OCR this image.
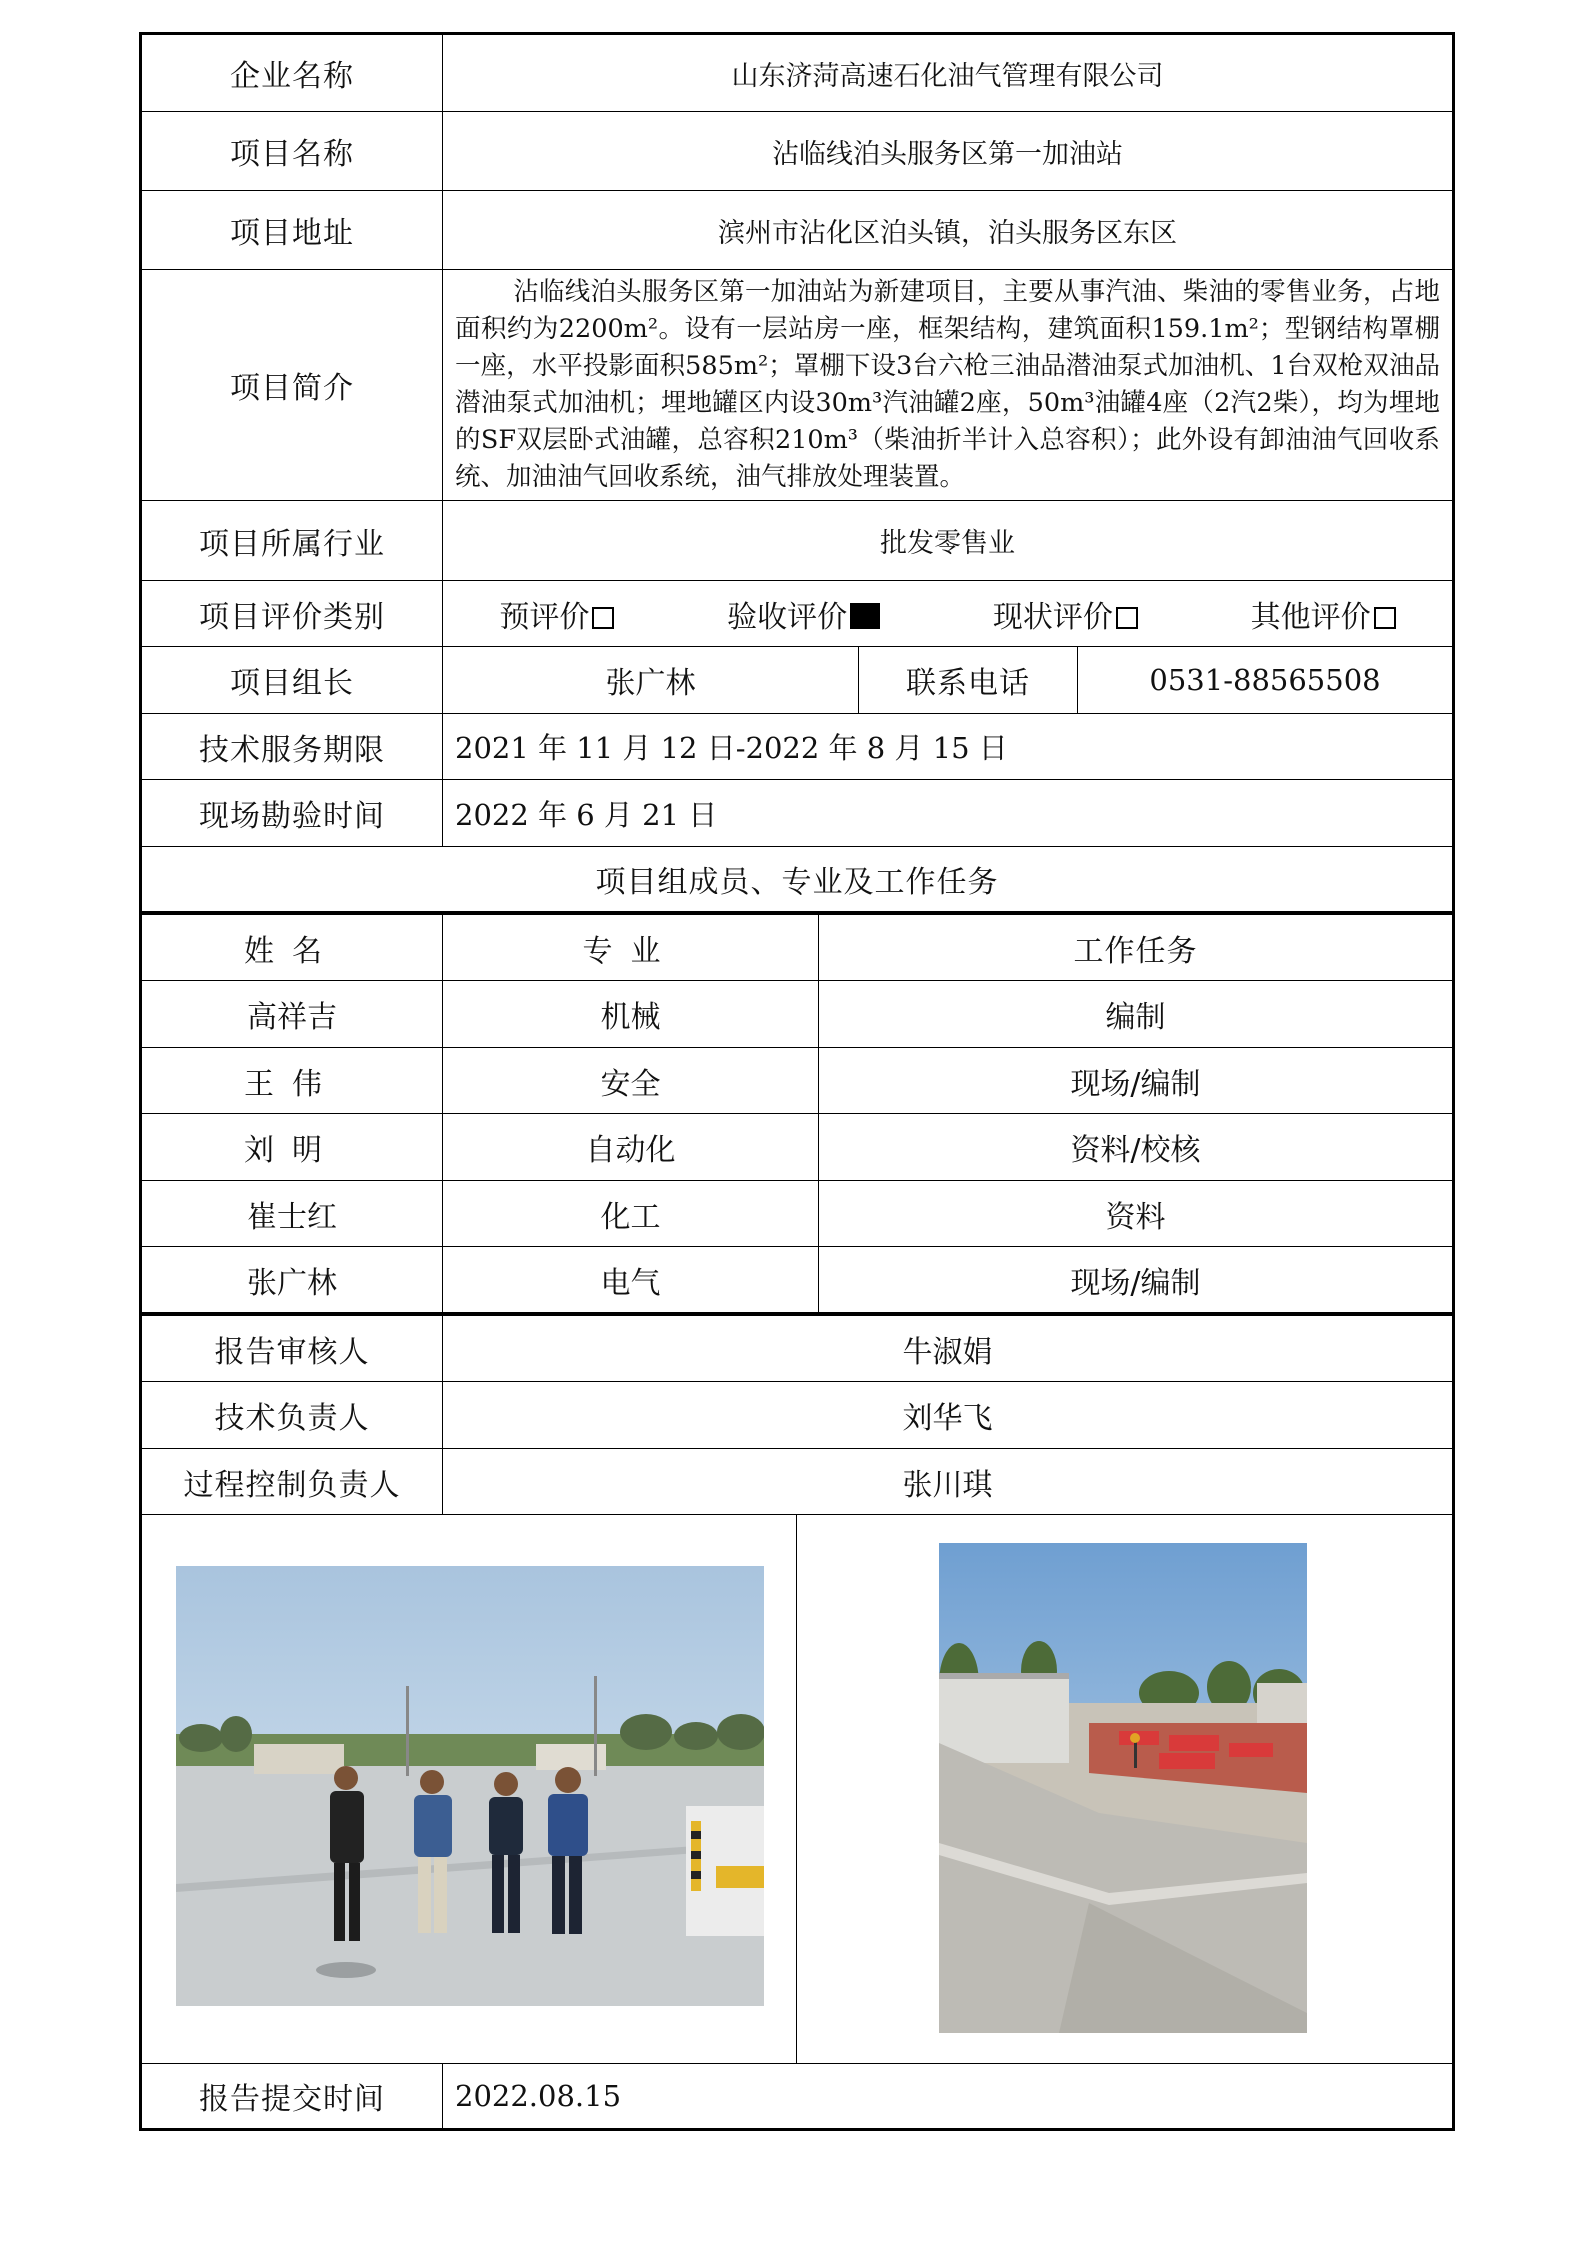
企业名称	山东济菏高速石化油气管理有限公司		
项目名称	沾临线泊头服务区第一加油站		
项目地址	滨州市沾化区泊头镇，泊头服务区东区		
项目简介	沾临线泊头服务区第一加油站为新建项目，主要从事汽油、柴油的零售业务，占地面积约为2200m²。设有一层站房一座，框架结构，建筑面积159.1m²；型钢结构罩棚一座，水平投影面积585m²；罩棚下设3台六枪三油品潜油泵式加油机、1台双枪双油品潜油泵式加油机；埋地罐区内设30m³汽油罐2座，50m³油罐4座（2汽2柴），均为埋地的SF双层卧式油罐，总容积210m³（柴油折半计入总容积）；此外设有卸油油气回收系统、加油油气回收系统，油气排放处理装置。		
项目所属行业	批发零售业		
项目评价类别	预评价 验收评价 现状评价 其他评价		

项目组长	张广林	联系电话	0531-88565508
技术服务期限	2021 年 11 月 12 日-2022 年 8 月 15 日		
现场勘验时间	2022 年 6 月 21 日		
项目组成员、专业及工作任务			
姓名	专业	工作任务
高祥吉	机械	编制
王伟	安全	现场/编制
刘明	自动化	资料/校核
崔士红	化工	资料
张广林	电气	现场/编制
报告审核人	牛淑娟	
技术负责人	刘华飞	
过程控制负责人	张川琪	

报告提交时间	2022.08.15	
